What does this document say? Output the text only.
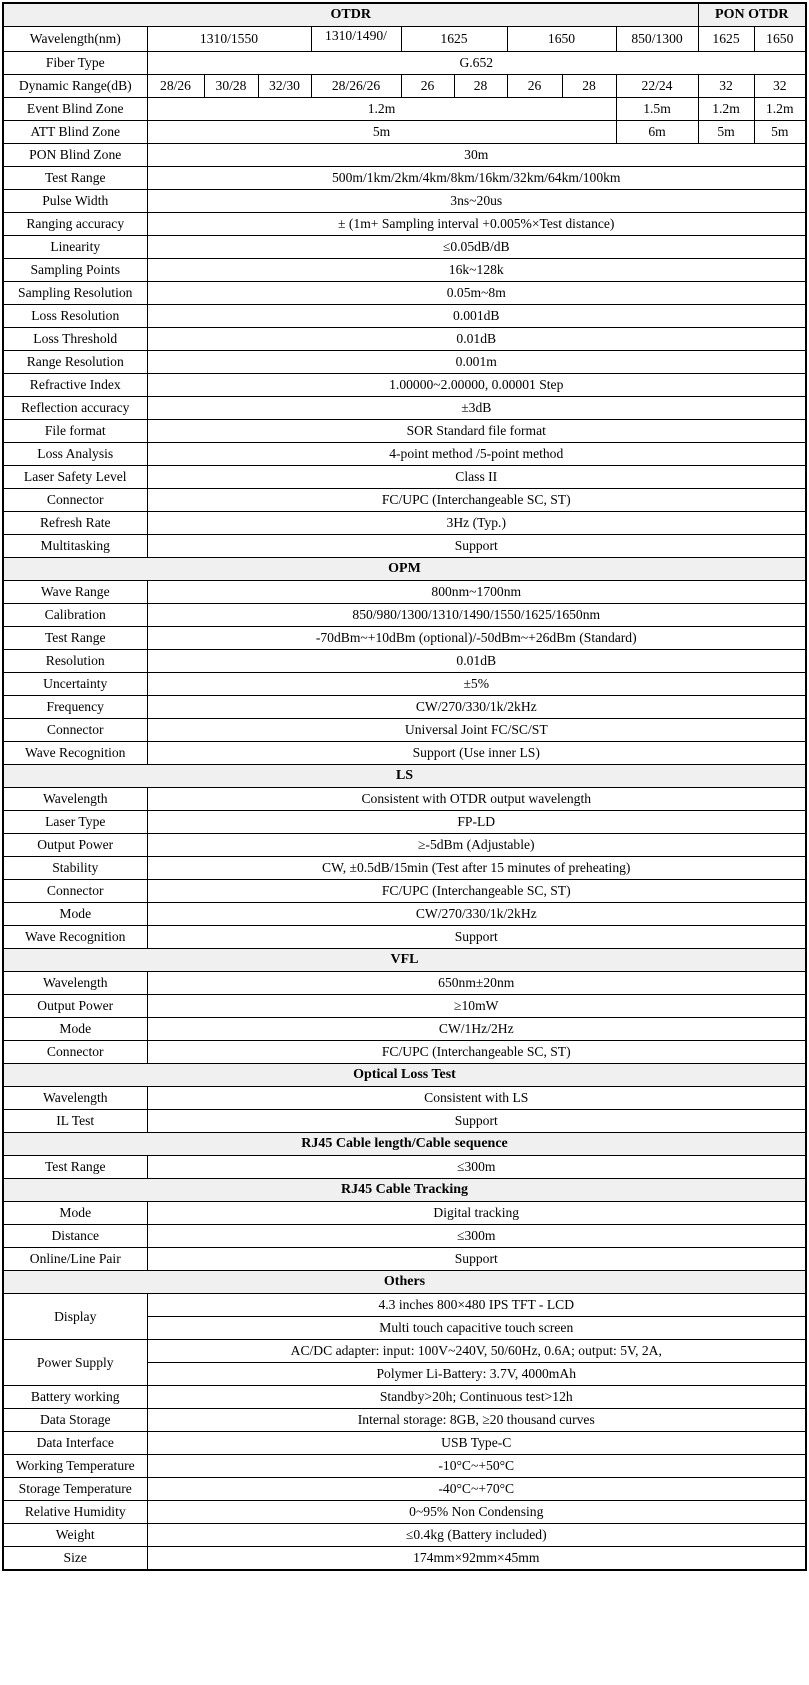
OTDR										PON OTDR	
Wavelength(nm)	1310/1550			1310/1490/	1625		1650		850/1300	1625	1650
Fiber Type	G.652										
Dynamic Range(dB)	28/26	30/28	32/30	28/26/26	26	28	26	28	22/24	32	32
Event Blind Zone	1.2m								1.5m	1.2m	1.2m
ATT Blind Zone	5m								6m	5m	5m
PON Blind Zone	30m										
Test Range	500m/1km/2km/4km/8km/16km/32km/64km/100km										
Pulse Width	3ns~20us										
Ranging accuracy	± (1m+ Sampling interval +0.005%×Test distance)										
Linearity	≤0.05dB/dB										
Sampling Points	16k~128k										
Sampling Resolution	0.05m~8m										
Loss Resolution	0.001dB										
Loss Threshold	0.01dB										
Range Resolution	0.001m										
Refractive Index	1.00000~2.00000, 0.00001 Step										
Reflection accuracy	±3dB										
File format	SOR Standard file format										
Loss Analysis	4-point method /5-point method										
Laser Safety Level	Class II										
Connector	FC/UPC (Interchangeable SC, ST)										
Refresh Rate	3Hz (Typ.)										
Multitasking	Support										
OPM											
Wave Range	800nm~1700nm										
Calibration	850/980/1300/1310/1490/1550/1625/1650nm										
Test Range	-70dBm~+10dBm (optional)/-50dBm~+26dBm (Standard)										
Resolution	0.01dB										
Uncertainty	±5%										
Frequency	CW/270/330/1k/2kHz										
Connector	Universal Joint FC/SC/ST										
Wave Recognition	Support (Use inner LS)										
LS											
Wavelength	Consistent with OTDR output wavelength										
Laser Type	FP-LD										
Output Power	≥-5dBm (Adjustable)										
Stability	CW, ±0.5dB/15min (Test after 15 minutes of preheating)										
Connector	FC/UPC (Interchangeable SC, ST)										
Mode	CW/270/330/1k/2kHz										
Wave Recognition	Support										
VFL											
Wavelength	650nm±20nm										
Output Power	≥10mW										
Mode	CW/1Hz/2Hz										
Connector	FC/UPC (Interchangeable SC, ST)										
Optical Loss Test											
Wavelength	Consistent with LS										
IL Test	Support										
RJ45 Cable length/Cable sequence											
Test Range	≤300m										
RJ45 Cable Tracking											
Mode	Digital tracking										
Distance	≤300m										
Online/Line Pair	Support										
Others											
Display	4.3 inches 800×480 IPS TFT - LCD										
	Multi touch capacitive touch screen										
Power Supply	AC/DC adapter: input: 100V~240V, 50/60Hz, 0.6A; output: 5V, 2A,										
	Polymer Li-Battery: 3.7V, 4000mAh										
Battery working	Standby>20h; Continuous test>12h										
Data Storage	Internal storage: 8GB, ≥20 thousand curves										
Data Interface	USB Type-C										
Working Temperature	-10°C~+50°C										
Storage Temperature	-40°C~+70°C										
Relative Humidity	0~95% Non Condensing										
Weight	≤0.4kg (Battery included)										
Size	174mm×92mm×45mm										
